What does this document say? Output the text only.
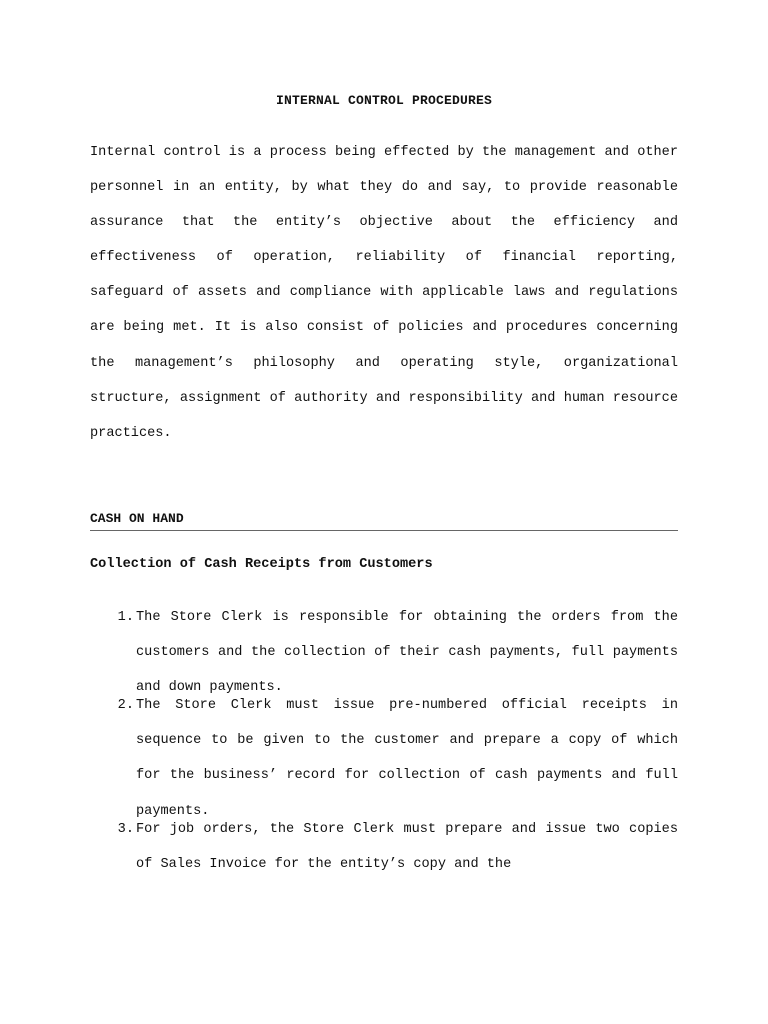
INTERNAL CONTROL PROCEDURES

Internal control is a process being effected by the management and other personnel in an entity, by what they do and say, to provide reasonable assurance that the entity’s objective about the efficiency and effectiveness of operation, reliability of financial reporting, safeguard of assets and compliance with applicable laws and regulations are being met. It is also consist of policies and procedures concerning the management’s philosophy and operating style, organizational structure, assignment of authority and responsibility and human resource practices.

CASH ON HAND
Collection of Cash Receipts from Customers
1. The Store Clerk is responsible for obtaining the orders from the customers and the collection of their cash payments, full payments and down payments.
2. The Store Clerk must issue pre-numbered official receipts in sequence to be given to the customer and prepare a copy of which for the business’ record for collection of cash payments and full payments.
3. For job orders, the Store Clerk must prepare and issue two copies of Sales Invoice for the entity’s copy and the
